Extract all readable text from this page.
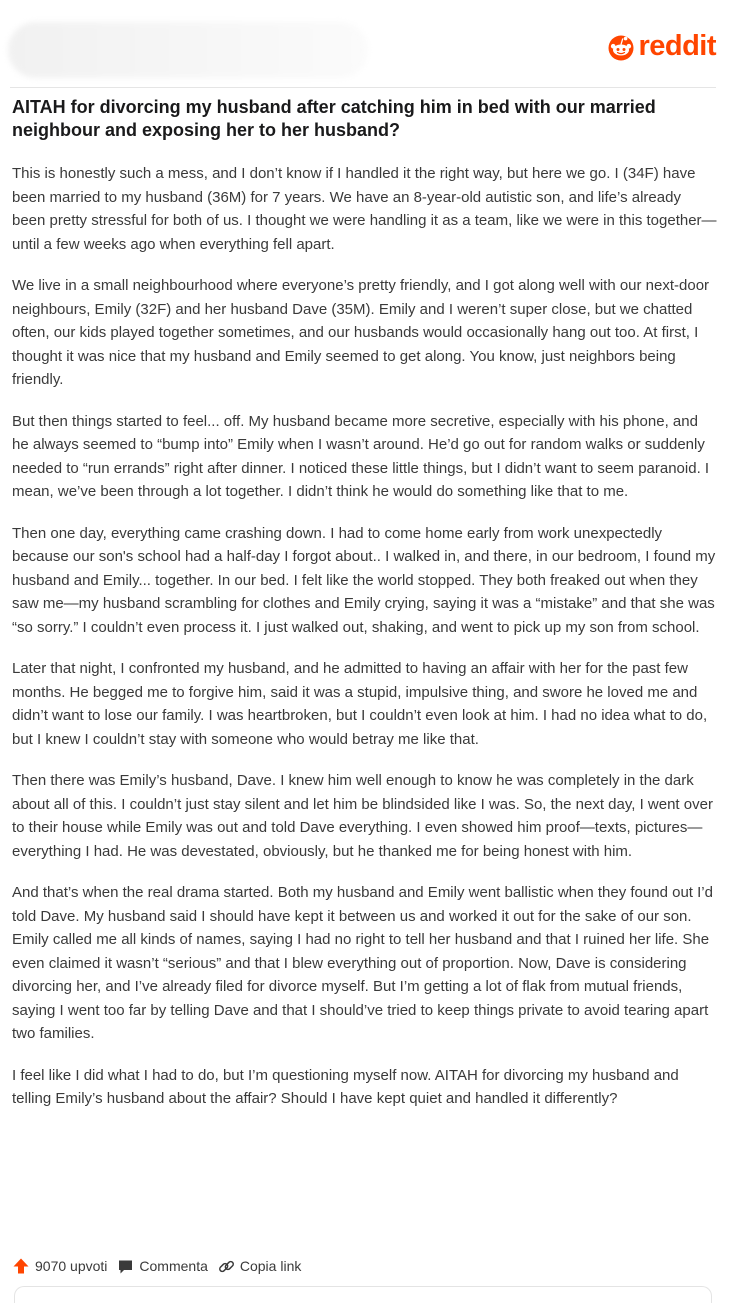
reddit
AITAH for divorcing my husband after catching him in bed with our married neighbour and exposing her to her husband?

This is honestly such a mess, and I don’t know if I handled it the right way, but here we go. I (34F) have been married to my husband (36M) for 7 years. We have an 8-year-old autistic son, and life’s already been pretty stressful for both of us. I thought we were handling it as a team, like we were in this together—until a few weeks ago when everything fell apart.

We live in a small neighbourhood where everyone’s pretty friendly, and I got along well with our next-door neighbours, Emily (32F) and her husband Dave (35M). Emily and I weren’t super close, but we chatted often, our kids played together sometimes, and our husbands would occasionally hang out too. At first, I thought it was nice that my husband and Emily seemed to get along. You know, just neighbors being friendly.

But then things started to feel... off. My husband became more secretive, especially with his phone, and he always seemed to “bump into” Emily when I wasn’t around. He’d go out for random walks or suddenly needed to “run errands” right after dinner. I noticed these little things, but I didn’t want to seem paranoid. I mean, we’ve been through a lot together. I didn’t think he would do something like that to me.

Then one day, everything came crashing down. I had to come home early from work unexpectedly because our son's school had a half-day I forgot about.. I walked in, and there, in our bedroom, I found my husband and Emily... together. In our bed. I felt like the world stopped. They both freaked out when they saw me—my husband scrambling for clothes and Emily crying, saying it was a “mistake” and that she was “so sorry.” I couldn’t even process it. I just walked out, shaking, and went to pick up my son from school.

Later that night, I confronted my husband, and he admitted to having an affair with her for the past few months. He begged me to forgive him, said it was a stupid, impulsive thing, and swore he loved me and didn’t want to lose our family. I was heartbroken, but I couldn’t even look at him. I had no idea what to do, but I knew I couldn’t stay with someone who would betray me like that.

Then there was Emily’s husband, Dave. I knew him well enough to know he was completely in the dark about all of this. I couldn’t just stay silent and let him be blindsided like I was. So, the next day, I went over to their house while Emily was out and told Dave everything. I even showed him proof—texts, pictures—everything I had. He was devestated, obviously, but he thanked me for being honest with him.

And that’s when the real drama started. Both my husband and Emily went ballistic when they found out I’d told Dave. My husband said I should have kept it between us and worked it out for the sake of our son. Emily called me all kinds of names, saying I had no right to tell her husband and that I ruined her life. She even claimed it wasn’t “serious” and that I blew everything out of proportion. Now, Dave is considering divorcing her, and I’ve already filed for divorce myself. But I’m getting a lot of flak from mutual friends, saying I went too far by telling Dave and that I should’ve tried to keep things private to avoid tearing apart two families.

I feel like I did what I had to do, but I’m questioning myself now. AITAH for divorcing my husband and telling Emily’s husband about the affair? Should I have kept quiet and handled it differently?

9070 upvoti Commenta Copia link
